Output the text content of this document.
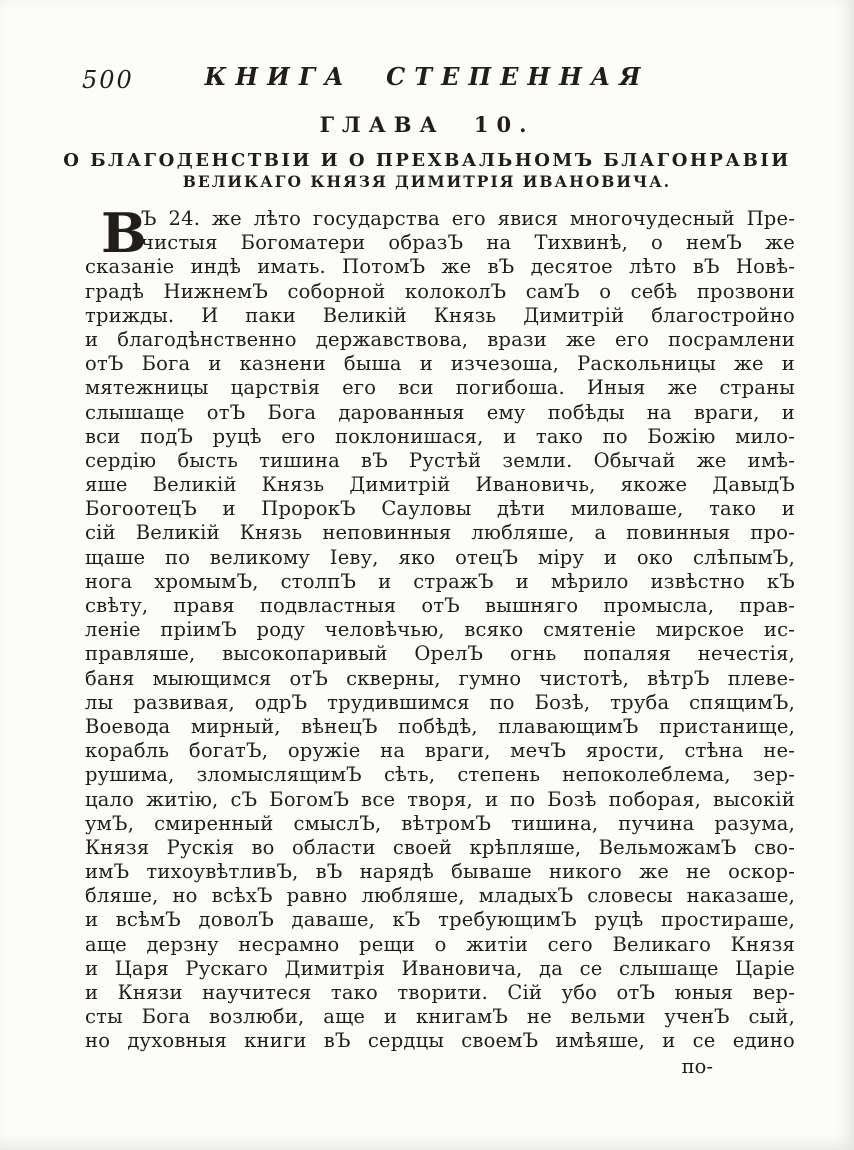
500	КНИГА СТЕПЕННАЯ
ГЛАВА 10.
О БЛАГОДЕНСТВІИ И О ПРЕХВАЛЬНОМЪ БЛАГОНРАВІИ
ВЕЛИКАГО КНЯЗЯ ДИМИТРІЯ ИВАНОВИЧА.
В
Ъ 24. же лѣто государства его явися многочудесный Пре-
чистыя Богоматери образЪ на Тихвинѣ, о немЪ же
сказаніе индѣ имать. ПотомЪ же вЪ десятое лѣто вЪ Новѣ-
градѣ НижнемЪ соборной колоколЪ самЪ о себѣ прозвони
трижды. И паки Великій Князь Димитрій благостройно
и благодѣнственно державствова, врази же его посрамлени
отЪ Бога и казнени быша и изчезоша, Раскольницы же и
мятежницы царствія его вси погибоша. Иныя же страны
слышаще отЪ Бога дарованныя ему побѣды на враги, и
вси подЪ руцѣ его поклонишася, и тако по Божію мило-
сердію бысть тишина вЪ Рустѣй земли. Обычай же имѣ-
яше Великій Князь Димитрій Ивановичь, якоже ДавыдЪ
БогоотецЪ и ПророкЪ Сауловы дѣти миловаше, тако и
сій Великій Князь неповинныя любляше, а повинныя про-
щаше по великому Іеву, яко отецЪ міру и око слѣпымЪ,
нога хромымЪ, столпЪ и стражЪ и мѣрило извѣстно кЪ
свѣту, правя подвластныя отЪ вышняго промысла, прав-
леніе пріимЪ роду человѣчью, всяко смятеніе мирское ис-
правляше, высокопаривый ОрелЪ огнь попаляя нечестія,
баня мыющимся отЪ скверны, гумно чистотѣ, вѣтрЪ плеве-
лы развивая, одрЪ трудившимся по Бозѣ, труба спящимЪ,
Воевода мирный, вѣнецЪ побѣдѣ, плавающимЪ пристанище,
корабль богатЪ, оружіе на враги, мечЪ ярости, стѣна не-
рушима, зломыслящимЪ сѣть, степень непоколеблема, зер-
цало житію, сЪ БогомЪ все творя, и по Бозѣ поборая, высокій
умЪ, смиренный смыслЪ, вѣтромЪ тишина, пучина разума,
Князя Рускія во области своей крѣпляше, ВельможамЪ сво-
имЪ тихоувѣтливЪ, вЪ нарядѣ бываше никого же не оскор-
бляше, но всѣхЪ равно любляше, младыхЪ словесы наказаше,
и всѣмЪ доволЪ даваше, кЪ требующимЪ руцѣ простираше,
аще дерзну несрамно рещи о житіи сего Великаго Князя
и Царя Рускаго Димитрія Ивановича, да се слышаще Царіе
и Князи научитеся тако творити. Сій убо отЪ юныя вер-
сты Бога возлюби, аще и книгамЪ не вельми ученЪ сый,
но духовныя книги вЪ сердцы своемЪ имѣяше, и се едино
по-
